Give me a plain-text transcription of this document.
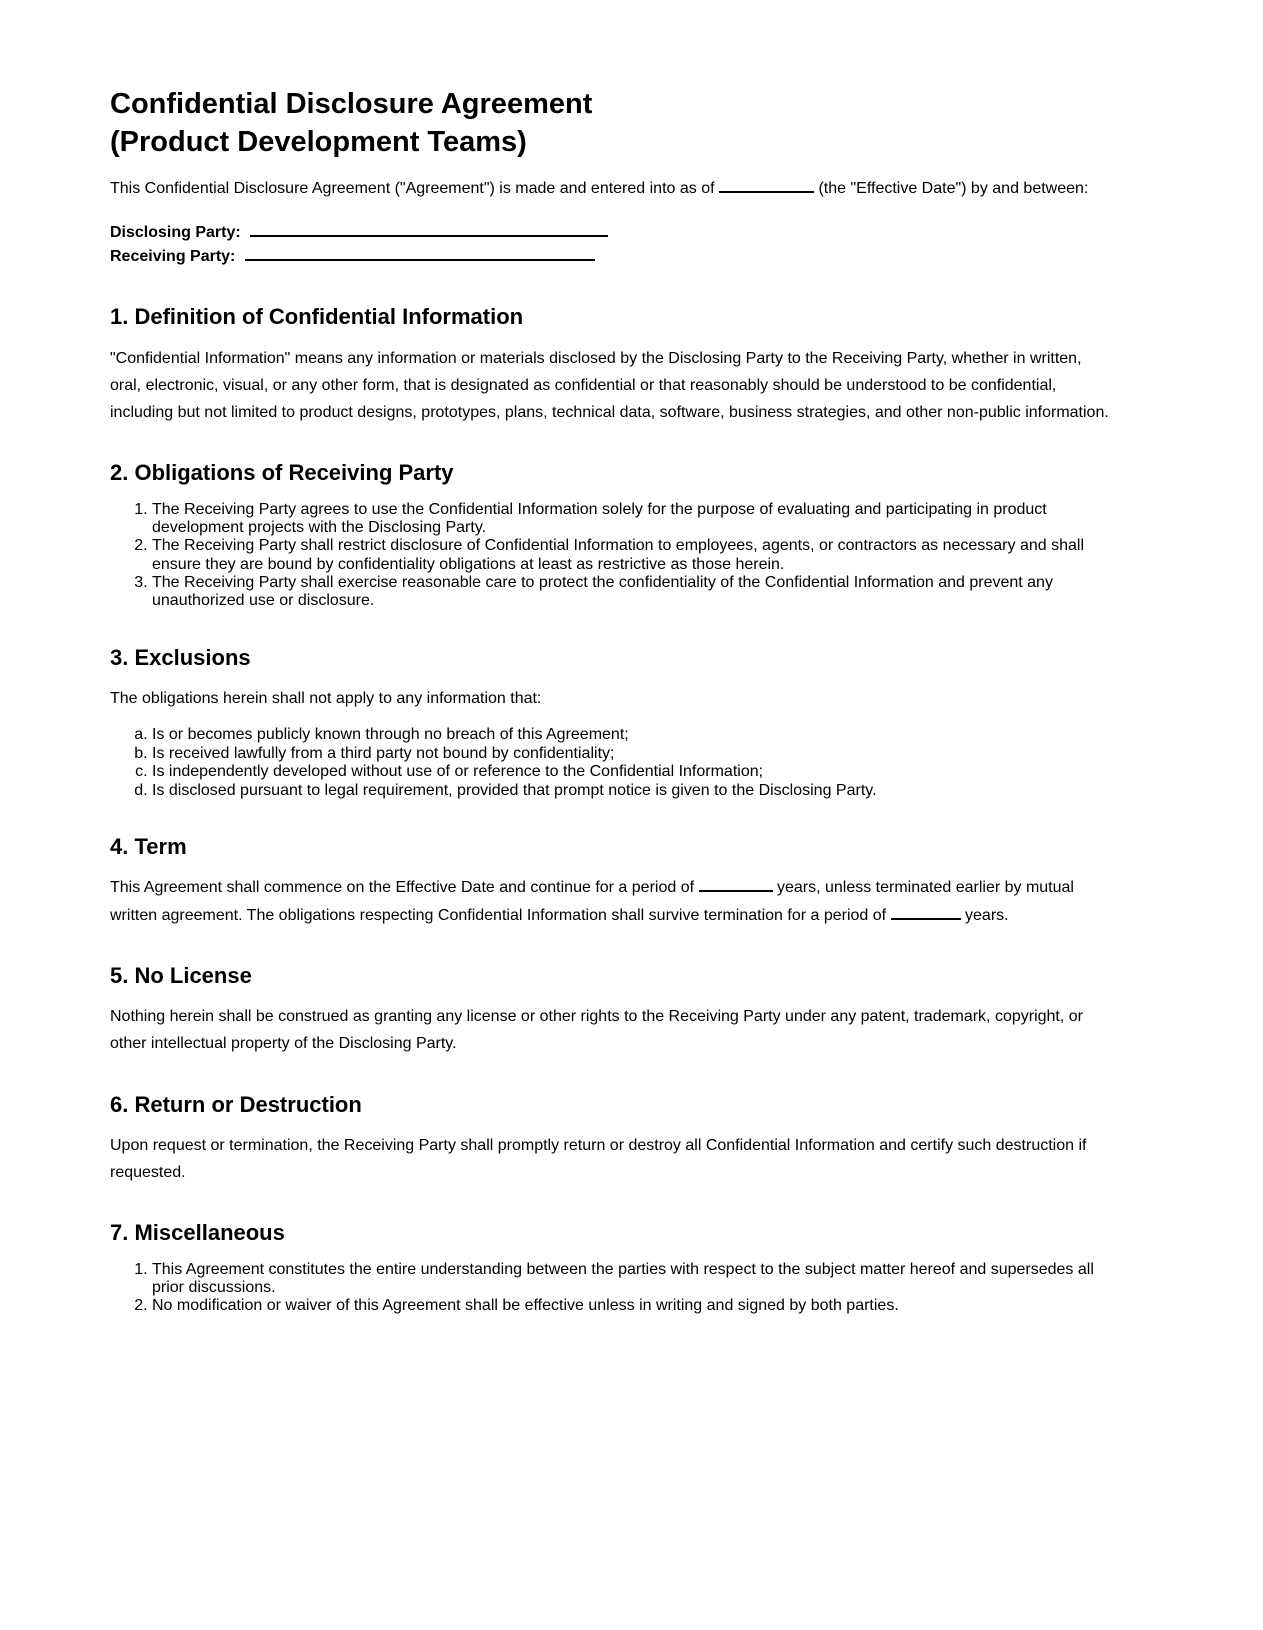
Confidential Disclosure Agreement
(Product Development Teams)

This Confidential Disclosure Agreement ("Agreement") is made and entered into as of	(the "Effective Date") by and between:

Disclosing Party:

Receiving Party:

1. Definition of Confidential Information

"Confidential Information" means any information or materials disclosed by the Disclosing Party to the Receiving Party, whether in written, oral, electronic, visual, or any other form, that is designated as confidential or that reasonably should be understood to be confidential, including but not limited to product designs, prototypes, plans, technical data, software, business strategies, and other non-public information.

2. Obligations of Receiving Party
1. The Receiving Party agrees to use the Confidential Information solely for the purpose of evaluating and participating in product development projects with the Disclosing Party.
2. The Receiving Party shall restrict disclosure of Confidential Information to employees, agents, or contractors as necessary and shall ensure they are bound by confidentiality obligations at least as restrictive as those herein.
3. The Receiving Party shall exercise reasonable care to protect the confidentiality of the Confidential Information and prevent any unauthorized use or disclosure.
3. Exclusions

The obligations herein shall not apply to any information that:

a. Is or becomes publicly known through no breach of this Agreement;
b. Is received lawfully from a third party not bound by confidentiality;
c. Is independently developed without use of or reference to the Confidential Information;
d. Is disclosed pursuant to legal requirement, provided that prompt notice is given to the Disclosing Party.
4. Term

This Agreement shall commence on the Effective Date and continue for a period of	years, unless terminated earlier by mutual written agreement. The obligations respecting Confidential Information shall survive termination for a period of	years.

5. No License

Nothing herein shall be construed as granting any license or other rights to the Receiving Party under any patent, trademark, copyright, or other intellectual property of the Disclosing Party.

6. Return or Destruction

Upon request or termination, the Receiving Party shall promptly return or destroy all Confidential Information and certify such destruction if requested.

7. Miscellaneous
1. This Agreement constitutes the entire understanding between the parties with respect to the subject matter hereof and supersedes all prior discussions.
2. No modification or waiver of this Agreement shall be effective unless in writing and signed by both parties.
